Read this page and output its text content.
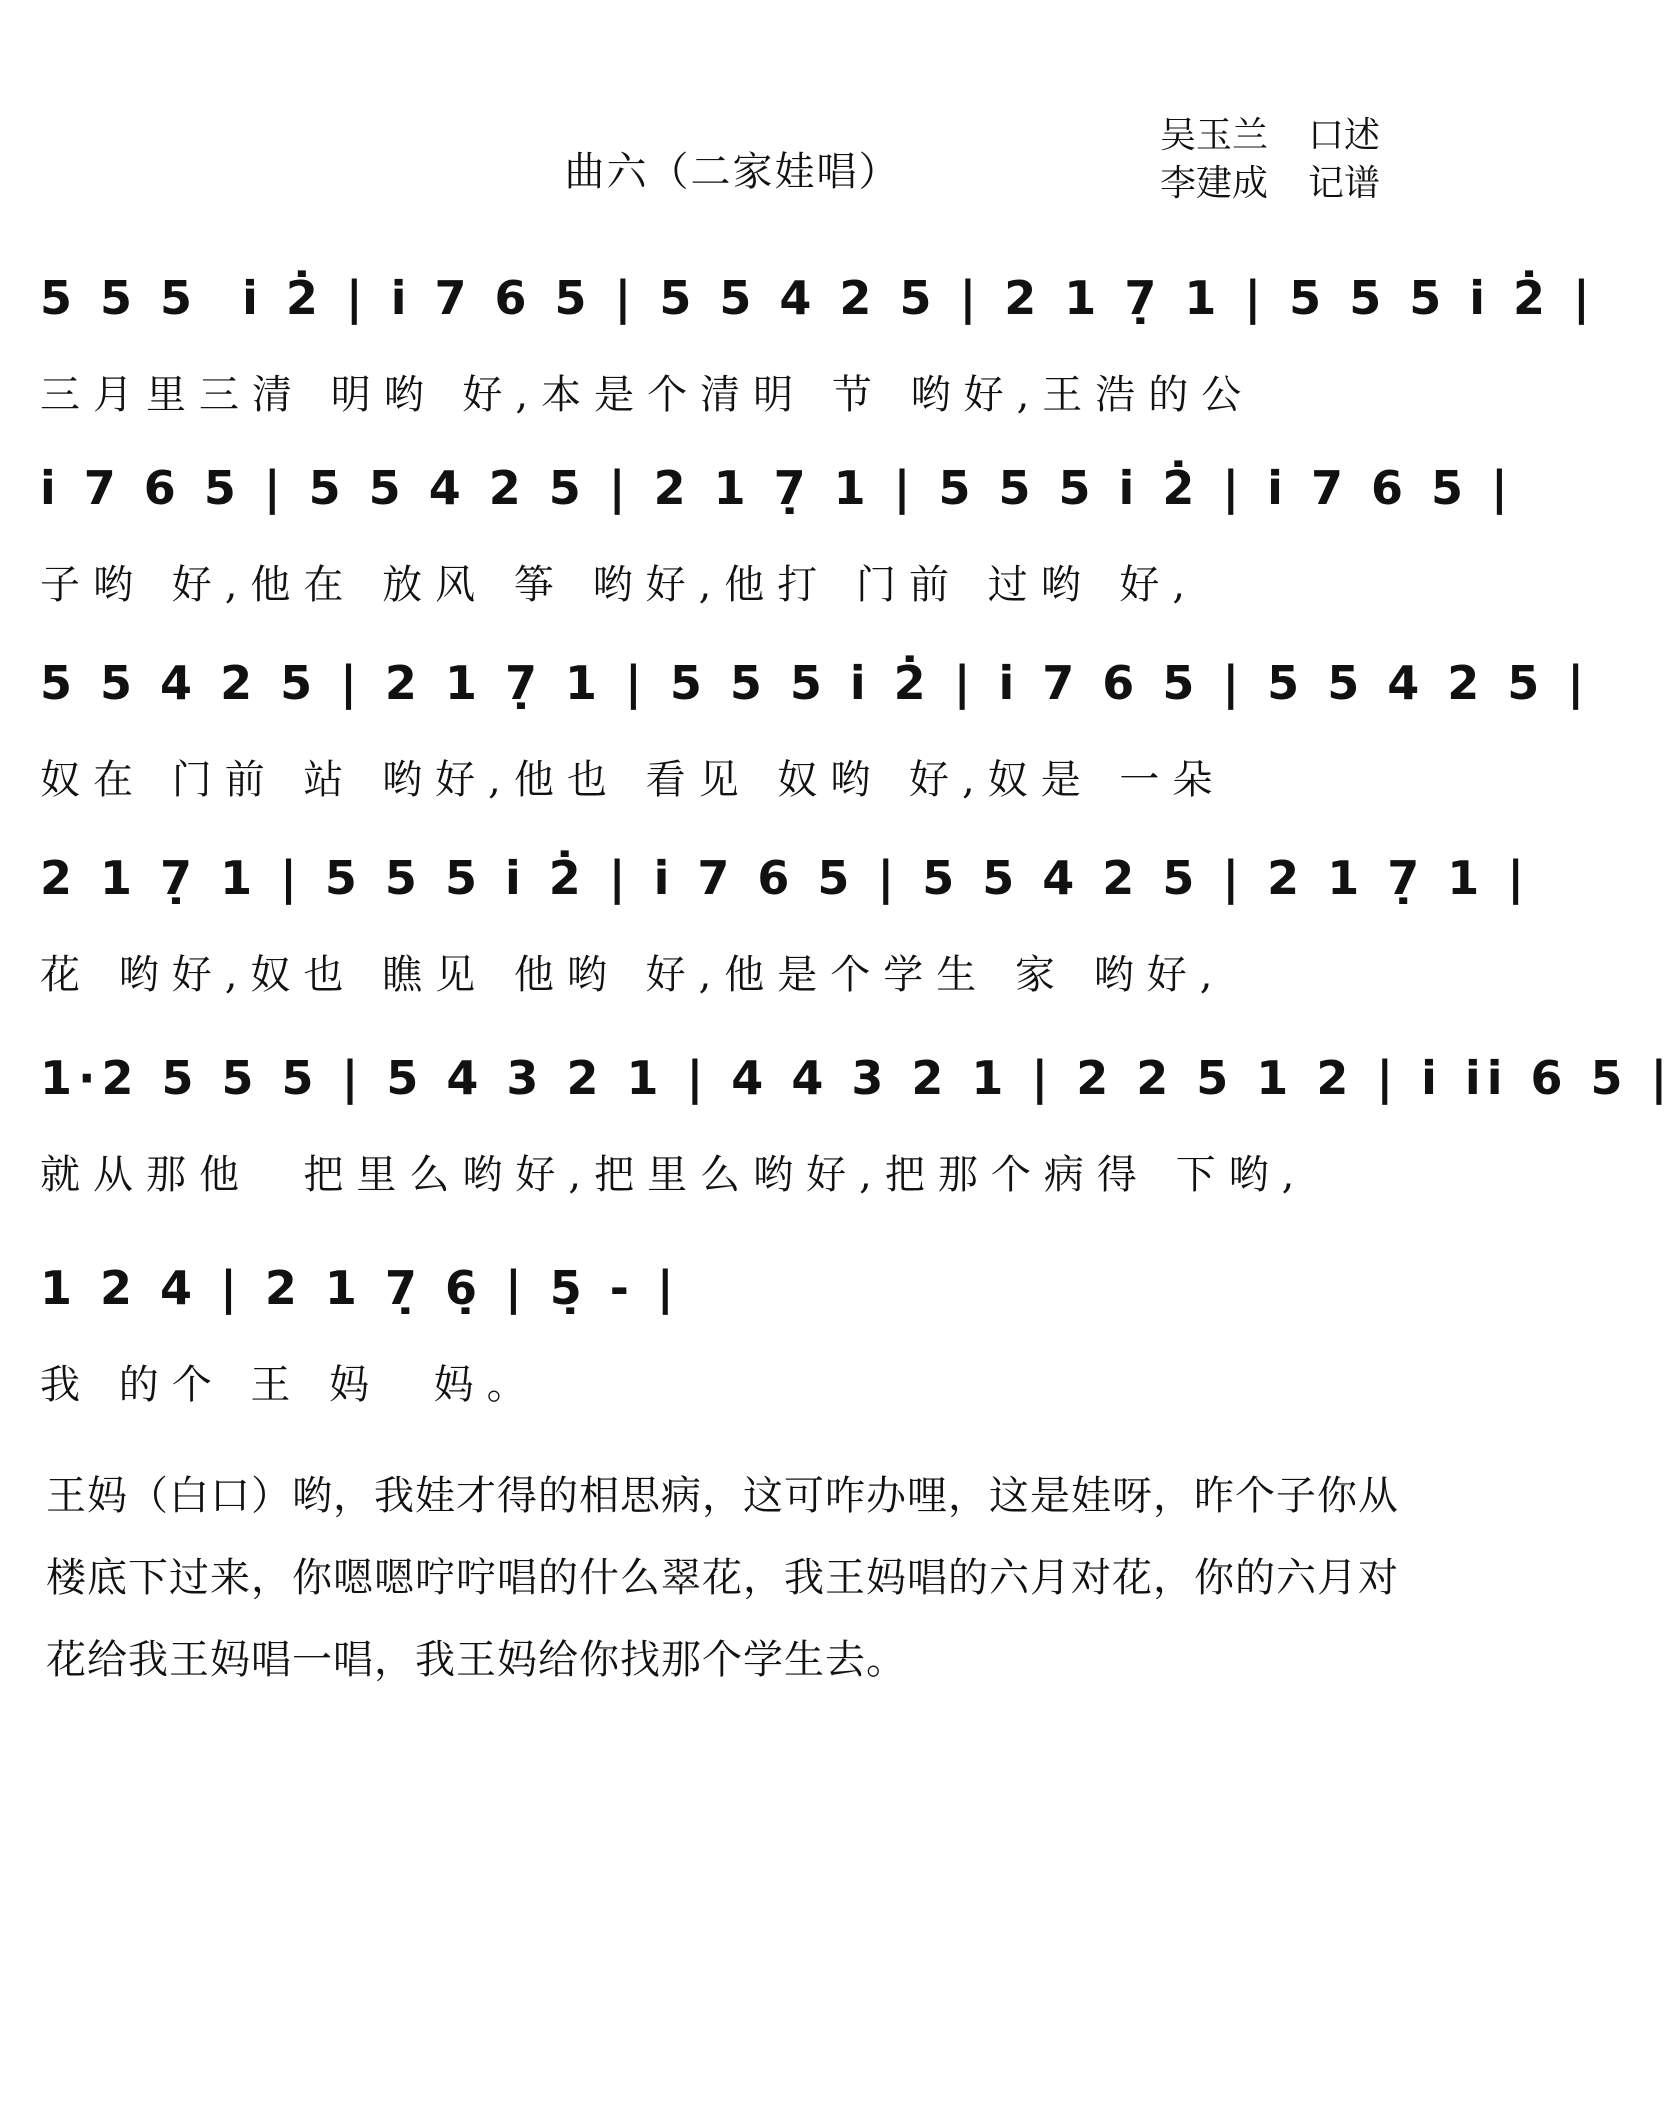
曲六（二家娃唱）
吴玉兰 口述
李建成 记谱
5 5 5  i̇ 2̇ | i̇ 7 6 5 | 5 5 4 2 5 | 2 1 7̣ 1 | 5 5 5 i̇ 2̇ |
三月里三清 明哟 好,本是个清明 节 哟好,王浩的公
i̇ 7 6 5 | 5 5 4 2 5 | 2 1 7̣ 1 | 5 5 5 i̇ 2̇ | i̇ 7 6 5 |
子哟 好,他在 放风 筝 哟好,他打 门前 过哟 好,
5 5 4 2 5 | 2 1 7̣ 1 | 5 5 5 i̇ 2̇ | i̇ 7 6 5 | 5 5 4 2 5 |
奴在 门前 站 哟好,他也 看见 奴哟 好,奴是 一朵
2 1 7̣ 1 | 5 5 5 i̇ 2̇ | i̇ 7 6 5 | 5 5 4 2 5 | 2 1 7̣ 1 |
花 哟好,奴也 瞧见 他哟 好,他是个学生 家 哟好,
1·2 5 5 5 | 5 4 3 2 1 | 4 4 3 2 1 | 2 2 5 1 2 | i̇ i̇i̇ 6 5 |
就从那他  把里么哟好,把里么哟好,把那个病得 下哟,
1 2 4 | 2 1 7̣ 6̣ | 5̣ - |
我 的个 王 妈  妈。
王妈（白口）哟，我娃才得的相思病，这可咋办哩，这是娃呀，昨个子你从楼底下过来，你嗯嗯咛咛唱的什么翠花，我王妈唱的六月对花，你的六月对花给我王妈唱一唱，我王妈给你找那个学生去。
